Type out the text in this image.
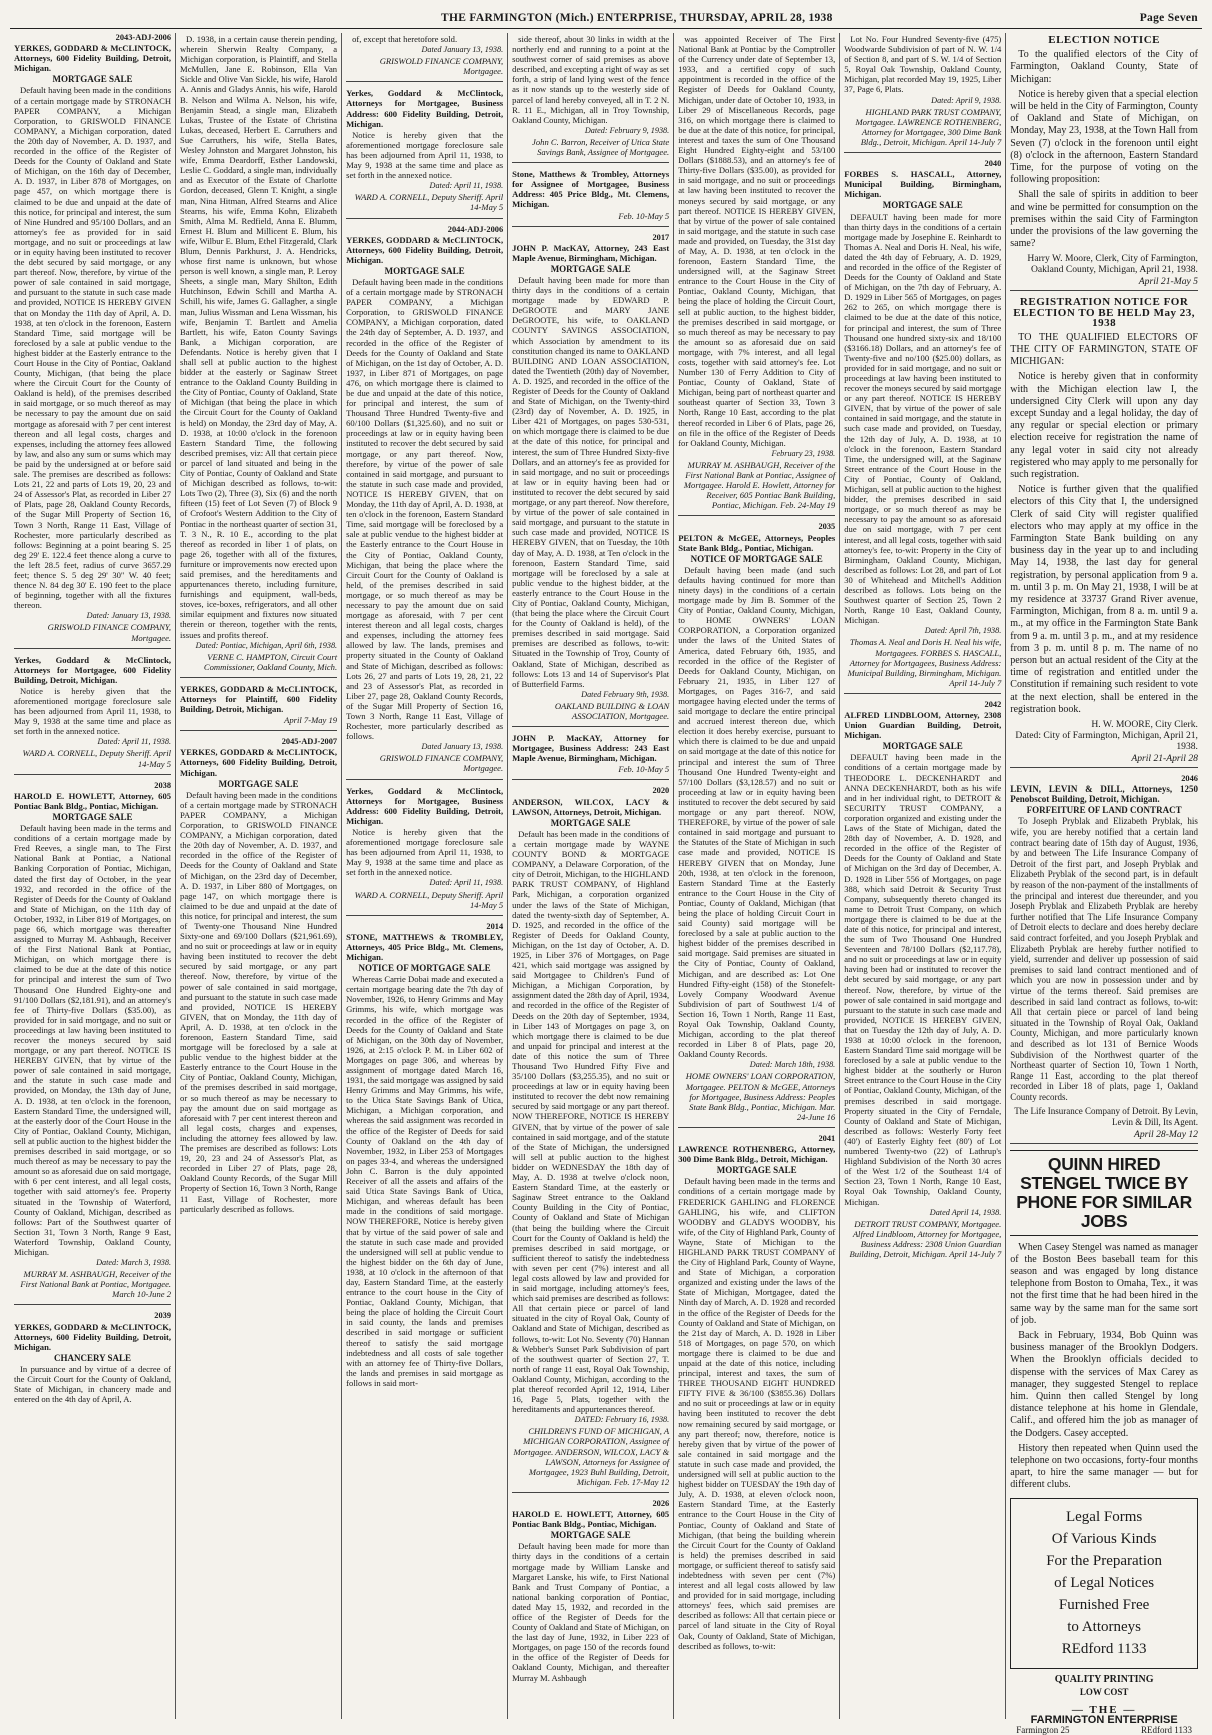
THE FARMINGTON (Mich.) ENTERPRISE, THURSDAY, APRIL 28, 1938	Page Seven
2043-ADJ-2006
YERKES, GODDARD & McCLINTOCK, Attorneys, 600 Fidelity Building, Detroit, Michigan.
MORTGAGE SALE

Default having been made in the conditions of a certain mortgage made by STRONACH PAPER COMPANY, a Michigan Corporation, to GRISWOLD FINANCE COMPANY, a Michigan corporation, dated the 20th day of November, A. D. 1937, and recorded in the office of the Register of Deeds for the County of Oakland and State of Michigan, on the 16th day of December, A. D. 1937, in Liber 878 of Mortgages, on page 457, on which mortgage there is claimed to be due and unpaid at the date of this notice, for principal and interest, the sum of Nine Hundred and 95/100 Dollars, and an attorney's fee as provided for in said mortgage, and no suit or proceedings at law or in equity having been instituted to recover the debt secured by said mortgage, or any part thereof. Now, therefore, by virtue of the power of sale contained in said mortgage, and pursuant to the statute in such case made and provided, NOTICE IS HEREBY GIVEN that on Monday the 11th day of April, A. D. 1938, at ten o'clock in the forenoon, Eastern Standard Time, said mortgage will be foreclosed by a sale at public vendue to the highest bidder at the Easterly entrance to the Court House in the City of Pontiac, Oakland County, Michigan, (that being the place where the Circuit Court for the County of Oakland is held), of the premises described in said mortgage, or so much thereof as may be necessary to pay the amount due on said mortgage as aforesaid with 7 per cent interest thereon and all legal costs, charges and expenses, including the attorney fees allowed by law, and also any sum or sums which may be paid by the undersigned at or before said sale. The premises are described as follows: Lots 21, 22 and parts of Lots 19, 20, 23 and 24 of Assessor's Plat, as recorded in Liber 27 of Plats, page 28, Oakland County Records, of the Sugar Mill Property of Section 16, Town 3 North, Range 11 East, Village of Rochester, more particularly described as follows: Beginning at a point bearing S. 25 deg 29' E. 122.4 feet thence along a curve to the left 28.5 feet, radius of curve 3657.29 feet; thence S. 5 deg 29' 30" W. 40 feet; thence N. 84 deg 30' E. 190 feet to the place of beginning, together with all the fixtures thereon.

Dated: January 13, 1938.
GRISWOLD FINANCE COMPANY, Mortgagee.
Yerkes, Goddard & McClintock, Attorneys for Mortgagee, 600 Fidelity Building, Detroit, Michigan.

Notice is hereby given that the aforementioned mortgage foreclosure sale has been adjourned from April 11, 1938, to May 9, 1938 at the same time and place as set forth in the annexed notice.

Dated: April 11, 1938.
WARD A. CORNELL, Deputy Sheriff. April 14-May 5
2038
HAROLD E. HOWLETT, Attorney, 605 Pontiac Bank Bldg., Pontiac, Michigan.
MORTGAGE SALE

Default having been made in the terms and conditions of a certain mortgage made by Fred Reeves, a single man, to The First National Bank at Pontiac, a National Banking Corporation of Pontiac, Michigan, dated the first day of October, in the year 1932, and recorded in the office of the Register of Deeds for the County of Oakland and State of Michigan, on the 11th day of October, 1932, in Liber 819 of Mortgages, on page 66, which mortgage was thereafter assigned to Murray M. Ashbaugh, Receiver of the First National Bank at Pontiac, Michigan, on which mortgage there is claimed to be due at the date of this notice for principal and interest the sum of Two Thousand One Hundred Eighty-one and 91/100 Dollars ($2,181.91), and an attorney's fee of Thirty-five Dollars ($35.00), as provided for in said mortgage, and no suit or proceedings at law having been instituted to recover the moneys secured by said mortgage, or any part thereof. NOTICE IS HEREBY GIVEN, that by virtue of the power of sale contained in said mortgage, and the statute in such case made and provided, on Monday, the 13th day of June, A. D. 1938, at ten o'clock in the forenoon, Eastern Standard Time, the undersigned will, at the easterly door of the Court House in the City of Pontiac, Oakland County, Michigan, sell at public auction to the highest bidder the premises described in said mortgage, or so much thereof as may be necessary to pay the amount so as aforesaid due on said mortgage, with 6 per cent interest, and all legal costs, together with said attorney's fee. Property situated in the Township of Waterford, County of Oakland, Michigan, described as follows: Part of the Southwest quarter of Section 31, Town 3 North, Range 9 East, Waterford Township, Oakland County, Michigan.

Dated: March 3, 1938.
MURRAY M. ASHBAUGH, Receiver of the First National Bank at Pontiac, Mortgagee. March 10-June 2
2039
YERKES, GODDARD & McCLINTOCK, Attorneys, 600 Fidelity Building, Detroit, Michigan.
CHANCERY SALE

In pursuance and by virtue of a decree of the Circuit Court for the County of Oakland, State of Michigan, in chancery made and entered on the 4th day of April, A.

D. 1938, in a certain cause therein pending, wherein Sherwin Realty Company, a Michigan corporation, is Plaintiff, and Stella McMullen, Jane E. Robinson, Ella Van Sickle and Olive Van Sickle, his wife, Harold A. Annis and Gladys Annis, his wife, Harold B. Nelson and Wilma A. Nelson, his wife, Benjamin Stead, a single man, Elizabeth Lukas, Trustee of the Estate of Christina Lukas, deceased, Herbert E. Carruthers and Sue Carruthers, his wife, Stella Bates, Wesley Johnston and Margaret Johnston, his wife, Emma Deardorff, Esther Landowski, Leslie C. Goddard, a single man, individually and as Executor of the Estate of Charlotte Gordon, deceased, Glenn T. Knight, a single man, Nina Hitman, Alfred Stearns and Alice Stearns, his wife, Emma Kohn, Elizabeth Smith, Alma M. Redfield, Anna E. Blumm, Ernest H. Blum and Millicent E. Blum, his wife, Wilbur E. Blum, Ethel Fitzgerald, Clark Blum, Dennis Parkhurst, J. A. Hendricks, whose first name is unknown, but whose person is well known, a single man, P. Leroy Sheets, a single man, Mary Shilton, Edith Hutchinson, Edwin Schill and Martha A. Schill, his wife, James G. Gallagher, a single man, Julius Wissman and Lena Wissman, his wife, Benjamin T. Bartlett and Amelia Bartlett, his wife, Eaton County Savings Bank, a Michigan corporation, are Defendants. Notice is hereby given that I shall sell at public auction to the highest bidder at the easterly or Saginaw Street entrance to the Oakland County Building in the City of Pontiac, County of Oakland, State of Michigan (that being the place in which the Circuit Court for the County of Oakland is held) on Monday, the 23rd day of May, A. D. 1938, at 10:00 o'clock in the forenoon Eastern Standard Time, the following described premises, viz: All that certain piece or parcel of land situated and being in the City of Pontiac, County of Oakland and State of Michigan described as follows, to-wit: Lots Two (2), Three (3), Six (6) and the north fifteen (15) feet of Lot Seven (7) of Block 9 of Crofoot's Western Addition to the City of Pontiac in the northeast quarter of section 31, T. 3 N., R. 10 E., according to the plat thereof as recorded in liber 1 of plats, on page 26, together with all of the fixtures, furniture or improvements now erected upon said premises, and the hereditaments and appurtenances thereto, including furniture, furnishings and equipment, wall-beds, stoves, ice-boxes, refrigerators, and all other similar equipment and fixtures now situated therein or thereon, together with the rents, issues and profits thereof.

Dated: Pontiac, Michigan, April 6th, 1938.
VERNE C. HAMPTON, Circuit Court Commissioner, Oakland County, Mich.
YERKES, GODDARD & McCLINTOCK, Attorneys for Plaintiff, 600 Fidelity Building, Detroit, Michigan.
April 7-May 19
2045-ADJ-2007
YERKES, GODDARD & McCLINTOCK, Attorneys, 600 Fidelity Building, Detroit, Michigan.
MORTGAGE SALE

Default having been made in the conditions of a certain mortgage made by STRONACH PAPER COMPANY, a Michigan Corporation, to GRISWOLD FINANCE COMPANY, a Michigan corporation, dated the 20th day of November, A. D. 1937, and recorded in the office of the Register of Deeds for the County of Oakland and State of Michigan, on the 23rd day of December, A. D. 1937, in Liber 880 of Mortgages, on page 147, on which mortgage there is claimed to be due and unpaid at the date of this notice, for principal and interest, the sum of Twenty-one Thousand Nine Hundred Sixty-one and 69/100 Dollars ($21,961.69), and no suit or proceedings at law or in equity having been instituted to recover the debt secured by said mortgage, or any part thereof. Now, therefore, by virtue of the power of sale contained in said mortgage, and pursuant to the statute in such case made and provided, NOTICE IS HEREBY GIVEN, that on Monday, the 11th day of April, A. D. 1938, at ten o'clock in the forenoon, Eastern Standard Time, said mortgage will be foreclosed by a sale at public vendue to the highest bidder at the Easterly entrance to the Court House in the City of Pontiac, Oakland County, Michigan, of the premises described in said mortgage, or so much thereof as may be necessary to pay the amount due on said mortgage as aforesaid with 7 per cent interest thereon and all legal costs, charges and expenses, including the attorney fees allowed by law. The premises are described as follows: Lots 19, 20, 23 and 24 of Assessor's Plat, as recorded in Liber 27 of Plats, page 28, Oakland County Records, of the Sugar Mill Property of Section 16, Town 3 North, Range 11 East, Village of Rochester, more particularly described as follows.

of, except that heretofore sold.

Dated January 13, 1938.
GRISWOLD FINANCE COMPANY, Mortgagee.
Yerkes, Goddard & McClintock, Attorneys for Mortgagee, Business Address: 600 Fidelity Building, Detroit, Michigan.

Notice is hereby given that the aforementioned mortgage foreclosure sale has been adjourned from April 11, 1938, to May 9, 1938 at the same time and place as set forth in the annexed notice.

Dated: April 11, 1938.
WARD A. CORNELL, Deputy Sheriff. April 14-May 5
2044-ADJ-2006
YERKES, GODDARD & McCLINTOCK, Attorneys, 600 Fidelity Building, Detroit, Michigan.
MORTGAGE SALE

Default having been made in the conditions of a certain mortgage made by STRONACH PAPER COMPANY, a Michigan Corporation, to GRISWOLD FINANCE COMPANY, a Michigan corporation, dated the 24th day of September, A. D. 1937, and recorded in the office of the Register of Deeds for the County of Oakland and State of Michigan, on the 1st day of October, A. D. 1937, in Liber 871 of Mortgages, on page 476, on which mortgage there is claimed to be due and unpaid at the date of this notice, for principal and interest, the sum of Thousand Three Hundred Twenty-five and 60/100 Dollars ($1,325.60), and no suit or proceedings at law or in equity having been instituted to recover the debt secured by said mortgage, or any part thereof. Now, therefore, by virtue of the power of sale contained in said mortgage, and pursuant to the statute in such case made and provided, NOTICE IS HEREBY GIVEN, that on Monday, the 11th day of April, A. D. 1938, at ten o'clock in the forenoon, Eastern Standard Time, said mortgage will be foreclosed by a sale at public vendue to the highest bidder at the Easterly entrance to the Court House in the City of Pontiac, Oakland County, Michigan, that being the place where the Circuit Court for the County of Oakland is held, of the premises described in said mortgage, or so much thereof as may be necessary to pay the amount due on said mortgage as aforesaid, with 7 per cent interest thereon and all legal costs, charges and expenses, including the attorney fees allowed by law. The lands, premises and property situated in the County of Oakland and State of Michigan, described as follows: Lots 26, 27 and parts of Lots 19, 28, 21, 22 and 23 of Assessor's Plat, as recorded in Liber 27, page 28, Oakland County Records, of the Sugar Mill Property of Section 16, Town 3 North, Range 11 East, Village of Rochester, more particularly described as follows.

Dated January 13, 1938.
GRISWOLD FINANCE COMPANY, Mortgagee.
Yerkes, Goddard & McClintock, Attorneys for Mortgagee, Business Address: 600 Fidelity Building, Detroit, Michigan.

Notice is hereby given that the aforementioned mortgage foreclosure sale has been adjourned from April 11, 1938, to May 9, 1938 at the same time and place as set forth in the annexed notice.

Dated: April 11, 1938.
WARD A. CORNELL, Deputy Sheriff. April 14-May 5
2014
STONE, MATTHEWS & TROMBLEY, Attorneys, 405 Price Bldg., Mt. Clemens, Michigan.
NOTICE OF MORTGAGE SALE

Whereas Carrie Dobai made and executed a certain mortgage bearing date the 7th day of November, 1926, to Henry Grimms and May Grimms, his wife, which mortgage was recorded in the office of the Register of Deeds for the County of Oakland and State of Michigan, on the 30th day of November, 1926, at 2:15 o'clock P. M. in Liber 602 of Mortgages on page 306, and whereas by assignment of mortgage dated March 16, 1931, the said mortgage was assigned by said Henry Grimms and May Grimms, his wife, to the Utica State Savings Bank of Utica, Michigan, a Michigan corporation, and whereas the said assignment was recorded in the office of the Register of Deeds for said County of Oakland on the 4th day of November, 1932, in Liber 253 of Mortgages on pages 33-4, and whereas the undersigned John C. Barron is the duly appointed Receiver of all the assets and affairs of the said Utica State Savings Bank of Utica, Michigan, and whereas default has been made in the conditions of said mortgage. NOW THEREFORE, Notice is hereby given that by virtue of the said power of sale and the statute in such case made and provided the undersigned will sell at public vendue to the highest bidder on the 6th day of June, 1938, at 10 o'clock in the afternoon of that day, Eastern Standard Time, at the easterly entrance to the court house in the City of Pontiac, Oakland County, Michigan, that being the place of holding the Circuit Court in said county, the lands and premises described in said mortgage or sufficient thereof to satisfy the said mortgage indebtedness and all costs of sale together with an attorney fee of Thirty-five Dollars, the lands and premises in said mortgage as follows in said mort-

side thereof, about 30 links in width at the northerly end and running to a point at the southwest corner of said premises as above described, and excepting a right of way as set forth, a strip of land lying west of the fence as it now stands up to the westerly side of parcel of land hereby conveyed, all in T. 2 N. R. 11 E., Michigan, all in Troy Township, Oakland County, Michigan.

Dated: February 9, 1938.
John C. Barron, Receiver of Utica State Savings Bank, Assignee of Mortgagee.
Stone, Matthews & Trombley, Attorneys for Assignee of Mortgagee, Business Address: 405 Price Bldg., Mt. Clemens, Michigan.
Feb. 10-May 5
2017
JOHN P. MacKAY, Attorney, 243 East Maple Avenue, Birmingham, Michigan.
MORTGAGE SALE

Default having been made for more than thirty days in the conditions of a certain mortgage made by EDWARD P. DeGROOTE and MARY JANE DeGROOTE, his wife, to OAKLAND COUNTY SAVINGS ASSOCIATION, which Association by amendment to its constitution changed its name to OAKLAND BUILDING AND LOAN ASSOCIATION, dated the Twentieth (20th) day of November, A. D. 1925, and recorded in the office of the Register of Deeds for the County of Oakland and State of Michigan, on the Twenty-third (23rd) day of November, A. D. 1925, in Liber 421 of Mortgages, on pages 530-531, on which mortgage there is claimed to be due at the date of this notice, for principal and interest, the sum of Three Hundred Sixty-five Dollars, and an attorney's fee as provided for in said mortgage, and no suit or proceedings at law or in equity having been had or instituted to recover the debt secured by said mortgage, or any part thereof. Now therefore, by virtue of the power of sale contained in said mortgage, and pursuant to the statute in such case made and provided, NOTICE IS HEREBY GIVEN, that on Tuesday, the 10th day of May, A. D. 1938, at Ten o'clock in the forenoon, Eastern Standard Time, said mortgage will be foreclosed by a sale at public vendue to the highest bidder, at the easterly entrance to the Court House in the City of Pontiac, Oakland County, Michigan, (that being the place where the Circuit Court for the County of Oakland is held), of the premises described in said mortgage. Said premises are described as follows, to-wit: Situated in the Township of Troy, County of Oakland, State of Michigan, described as follows: Lots 13 and 14 of Supervisor's Plat of Butterfield Farms.

Dated February 9th, 1938.
OAKLAND BUILDING & LOAN ASSOCIATION, Mortgagee.
JOHN P. MacKAY, Attorney for Mortgagee, Business Address: 243 East Maple Avenue, Birmingham, Michigan.
Feb. 10-May 5
2020
ANDERSON, WILCOX, LACY & LAWSON, Attorneys, Detroit, Michigan.
MORTGAGE SALE

Default has been made in the conditions of a certain mortgage made by WAYNE COUNTY BOND & MORTGAGE COMPANY, a Delaware Corporation, of the city of Detroit, Michigan, to the HIGHLAND PARK TRUST COMPANY, of Highland Park, Michigan, a corporation organized under the laws of the State of Michigan, dated the twenty-sixth day of September, A. D. 1925, and recorded in the office of the Register of Deeds for Oakland County, Michigan, on the 1st day of October, A. D. 1925, in Liber 376 of Mortgages, on Page 421, which said mortgage was assigned by said Mortgagee to Children's Fund of Michigan, a Michigan Corporation, by assignment dated the 28th day of April, 1934, and recorded in the office of the Register of Deeds on the 20th day of September, 1934, in Liber 143 of Mortgages on page 3, on which mortgage there is claimed to be due and unpaid for principal and interest at the date of this notice the sum of Three Thousand Two Hundred Fifty Five and 35/100 Dollars ($3,255.35), and no suit or proceedings at law or in equity having been instituted to recover the debt now remaining secured by said mortgage or any part thereof. NOW THEREFORE, NOTICE IS HEREBY GIVEN, that by virtue of the power of sale contained in said mortgage, and of the statute of the State of Michigan, the undersigned will sell at public auction to the highest bidder on WEDNESDAY the 18th day of May, A. D. 1938 at twelve o'clock noon, Eastern Standard Time, at the easterly or Saginaw Street entrance to the Oakland County Building in the City of Pontiac, County of Oakland and State of Michigan (that being the building where the Circuit Court for the County of Oakland is held) the premises described in said mortgage, or sufficient thereof to satisfy the indebtedness with seven per cent (7%) interest and all legal costs allowed by law and provided for in said mortgage, including attorney's fees, which said premises are described as follows: All that certain piece or parcel of land situated in the city of Royal Oak, County of Oakland and State of Michigan, described as follows, to-wit: Lot No. Seventy (70) Hannan & Webber's Sunset Park Subdivision of part of the southwest quarter of Section 27, T. north of range 11 east, Royal Oak Township, Oakland County, Michigan, according to the plat thereof recorded April 12, 1914, Liber 16, Page 5, Plats, together with the hereditaments and appurtenances thereof.

DATED: February 16, 1938.
CHILDREN'S FUND OF MICHIGAN, A MICHIGAN CORPORATION, Assignee of Mortgagee. ANDERSON, WILCOX, LACY & LAWSON, Attorneys for Assignee of Mortgagee, 1923 Buhl Building, Detroit, Michigan. Feb. 17-May 12
2026
HAROLD E. HOWLETT, Attorney, 605 Pontiac Bank Bldg., Pontiac, Michigan.
MORTGAGE SALE

Default having been made for more than thirty days in the conditions of a certain mortgage made by William Lanske and Margaret Lanske, his wife, to First National Bank and Trust Company of Pontiac, a national banking corporation of Pontiac, dated May 15, 1932, and recorded in the office of the Register of Deeds for the County of Oakland and State of Michigan, on the last day of June, 1932, in Liber 223 of Mortgages, on page 150 of the records found in the office of the Register of Deeds for Oakland County, Michigan, and thereafter Murray M. Ashbaugh

was appointed Receiver of The First National Bank at Pontiac by the Comptroller of the Currency under date of September 13, 1933, and a certified copy of such appointment is recorded in the office of the Register of Deeds for Oakland County, Michigan, under date of October 10, 1933, in Liber 29 of Miscellaneous Records, page 316, on which mortgage there is claimed to be due at the date of this notice, for principal, interest and taxes the sum of One Thousand Eight Hundred Eighty-eight and 53/100 Dollars ($1888.53), and an attorney's fee of Thirty-five Dollars ($35.00), as provided for in said mortgage, and no suit or proceedings at law having been instituted to recover the moneys secured by said mortgage, or any part thereof. NOTICE IS HEREBY GIVEN, that by virtue of the power of sale contained in said mortgage, and the statute in such case made and provided, on Tuesday, the 31st day of May, A. D. 1938, at ten o'clock in the forenoon, Eastern Standard Time, the undersigned will, at the Saginaw Street entrance to the Court House in the City of Pontiac, Oakland County, Michigan, that being the place of holding the Circuit Court, sell at public auction, to the highest bidder, the premises described in said mortgage, or so much thereof as may be necessary to pay the amount so as aforesaid due on said mortgage, with 7% interest, and all legal costs, together with said attorney's fee. Lot Number 130 of Ferry Addition to City of Pontiac, County of Oakland, State of Michigan, being part of northeast quarter and southeast quarter of Section 33, Town 3 North, Range 10 East, according to the plat thereof recorded in Liber 6 of Plats, page 26, on file in the office of the Register of Deeds for Oakland County, Michigan.

February 23, 1938.
MURRAY M. ASHBAUGH, Receiver of the First National Bank at Pontiac, Assignee of Mortgagee. Harold E. Howlett, Attorney for Receiver, 605 Pontiac Bank Building, Pontiac, Michigan. Feb. 24-May 19
2035
PELTON & McGEE, Attorneys, Peoples State Bank Bldg., Pontiac, Michigan.
NOTICE OF MORTGAGE SALE

Default having been made (and such defaults having continued for more than ninety days) in the conditions of a certain mortgage made by Jim B. Sommer of the City of Pontiac, Oakland County, Michigan, to HOME OWNERS' LOAN CORPORATION, a Corporation organized under the laws of the United States of America, dated February 6th, 1935, and recorded in the office of the Register of Deeds for Oakland County, Michigan, on February 21, 1935, in Liber 127 of Mortgages, on Pages 316-7, and said mortgagee having elected under the terms of said mortgage to declare the entire principal and accrued interest thereon due, which election it does hereby exercise, pursuant to which there is claimed to be due and unpaid on said mortgage at the date of this notice for principal and interest the sum of Three Thousand One Hundred Twenty-eight and 57/100 Dollars ($3,128.57) and no suit or proceeding at law or in equity having been instituted to recover the debt secured by said mortgage or any part thereof. NOW, THEREFORE, by virtue of the power of sale contained in said mortgage and pursuant to the Statutes of the State of Michigan in such case made and provided, NOTICE IS HEREBY GIVEN that on Monday, June 20th, 1938, at ten o'clock in the forenoon, Eastern Standard Time at the Easterly entrance to the Court House in the City of Pontiac, County of Oakland, Michigan (that being the place of holding Circuit Court in said County) said mortgage will be foreclosed by a sale at public auction to the highest bidder of the premises described in said mortgage. Said premises are situated in the City of Pontiac, County of Oakland, Michigan, and are described as: Lot One Hundred Fifty-eight (158) of the Stonefelt-Lovely Company Woodward Avenue Subdivision of part of Southwest 1/4 of Section 16, Town 1 North, Range 11 East, Royal Oak Township, Oakland County, Michigan, according to the plat thereof recorded in Liber 8 of Plats, page 20, Oakland County Records.

Dated: March 18th, 1938.
HOME OWNERS' LOAN CORPORATION, Mortgagee. PELTON & McGEE, Attorneys for Mortgagee, Business Address: Peoples State Bank Bldg., Pontiac, Michigan. Mar. 24-June 16
2041
LAWRENCE ROTHENBERG, Attorney, 300 Dime Bank Bldg., Detroit, Michigan.
MORTGAGE SALE

Default having been made in the terms and conditions of a certain mortgage made by FREDERICK GAHLING and FLORENCE GAHLING, his wife, and CLIFTON WOODBY and GLADYS WOODBY, his wife, of the City of Highland Park, County of Wayne, State of Michigan to the HIGHLAND PARK TRUST COMPANY of the City of Highland Park, County of Wayne, and State of Michigan, a corporation organized and existing under the laws of the State of Michigan, Mortgagee, dated the Ninth day of March, A. D. 1928 and recorded in the office of the Register of Deeds for the County of Oakland and State of Michigan, on the 21st day of March, A. D. 1928 in Liber 518 of Mortgages, on page 570, on which mortgage there is claimed to be due and unpaid at the date of this notice, including principal, interest and taxes, the sum of THREE THOUSAND EIGHT HUNDRED FIFTY FIVE & 36/100 ($3855.36) Dollars and no suit or proceedings at law or in equity having been instituted to recover the debt now remaining secured by said mortgage, or any part thereof; now, therefore, notice is hereby given that by virtue of the power of sale contained in said mortgage and the statute in such case made and provided, the undersigned will sell at public auction to the highest bidder on TUESDAY the 19th day of July, A. D. 1938, at eleven o'clock noon, Eastern Standard Time, at the Easterly entrance to the Court House in the City of Pontiac, County of Oakland and State of Michigan, (that being the building wherein the Circuit Court for the County of Oakland is held) the premises described in said mortgage, or sufficient thereof to satisfy said indebtedness with seven per cent (7%) interest and all legal costs allowed by law and provided for in said mortgage, including attorneys' fees, which said premises are described as follows: All that certain piece or parcel of land situate in the City of Royal Oak, County of Oakland, State of Michigan, described as follows, to-wit:

Lot No. Four Hundred Seventy-five (475) Woodwarde Subdivision of part of N. W. 1/4 of Section 8, and part of S. W. 1/4 of Section 5, Royal Oak Township, Oakland County, Michigan, plat recorded May 19, 1925, Liber 37, Page 6, Plats.

Dated: April 9, 1938.
HIGHLAND PARK TRUST COMPANY, Mortgagee. LAWRENCE ROTHENBERG, Attorney for Mortgagee, 300 Dime Bank Bldg., Detroit, Michigan. April 14-July 7
2040
FORBES S. HASCALL, Attorney, Municipal Building, Birmingham, Michigan.
MORTGAGE SALE

DEFAULT having been made for more than thirty days in the conditions of a certain mortgage made by Josephine E. Reinhardt to Thomas A. Neal and Doris H. Neal, his wife, dated the 4th day of February, A. D. 1929, and recorded in the office of the Register of Deeds for the County of Oakland and State of Michigan, on the 7th day of February, A. D. 1929 in Liber 565 of Mortgages, on pages 262 to 265, on which mortgage there is claimed to be due at the date of this notice, for principal and interest, the sum of Three Thousand one hundred sixty-six and 18/100 ($3166.18) Dollars, and an attorney's fee of Twenty-five and no/100 ($25.00) dollars, as provided for in said mortgage, and no suit or proceedings at law having been instituted to recover the moneys secured by said mortgage or any part thereof. NOTICE IS HEREBY GIVEN, that by virtue of the power of sale contained in said mortgage, and the statute in such case made and provided, on Tuesday, the 12th day of July, A. D. 1938, at 10 o'clock in the forenoon, Eastern Standard Time, the undersigned will, at the Saginaw Street entrance of the Court House in the City of Pontiac, County of Oakland, Michigan, sell at public auction to the highest bidder, the premises described in said mortgage, or so much thereof as may be necessary to pay the amount so as aforesaid due on said mortgage, with 7 per cent interest, and all legal costs, together with said attorney's fee, to-wit: Property in the City of Birmingham, Oakland County, Michigan, described as follows: Lot 28, and part of Lot 30 of Whitehead and Mitchell's Addition described as follows. Lots being on the Southwest quarter of Section 25, Town 2 North, Range 10 East, Oakland County, Michigan.

Dated: April 7th, 1938.
Thomas A. Neal and Doris H. Neal his wife, Mortgagees. FORBES S. HASCALL, Attorney for Mortgagees, Business Address: Municipal Building, Birmingham, Michigan. April 14-July 7
2042
ALFRED LINDBLOOM, Attorney, 2308 Union Guardian Building, Detroit, Michigan.
MORTGAGE SALE

DEFAULT having been made in the conditions of a certain mortgage made by THEODORE L. DECKENHARDT and ANNA DECKENHARDT, both as his wife and in her individual right, to DETROIT & SECURITY TRUST COMPANY, a corporation organized and existing under the Laws of the State of Michigan, dated the 28th day of November, A. D. 1928, and recorded in the office of the Register of Deeds for the County of Oakland and State of Michigan on the 3rd day of December, A. D. 1928 in Liber 556 of Mortgages, on page 388, which said Detroit & Security Trust Company, subsequently thereto changed its name to Detroit Trust Company, on which mortgage there is claimed to be due at the date of this notice, for principal and interest, the sum of Two Thousand One Hundred Seventeen and 78/100 Dollars ($2,117.78), and no suit or proceedings at law or in equity having been had or instituted to recover the debt secured by said mortgage, or any part thereof. Now, therefore, by virtue of the power of sale contained in said mortgage and pursuant to the statute in such case made and provided, NOTICE IS HEREBY GIVEN, that on Tuesday the 12th day of July, A. D. 1938 at 10:00 o'clock in the forenoon, Eastern Standard Time said mortgage will be foreclosed by a sale at public vendue to the highest bidder at the southerly or Huron Street entrance to the Court House in the City of Pontiac, Oakland County, Michigan, of the premises described in said mortgage. Property situated in the City of Ferndale, County of Oakland and State of Michigan, described as follows: Westerly Forty feet (40') of Easterly Eighty feet (80') of Lot numbered Twenty-two (22) of Lathrup's Highland Subdivision of the North 30 acres of the West 1/2 of the Southeast 1/4 of Section 23, Town 1 North, Range 10 East, Royal Oak Township, Oakland County, Michigan.

Dated April 14, 1938.
DETROIT TRUST COMPANY, Mortgagee. Alfred Lindbloom, Attorney for Mortgagee, Business Address: 2308 Union Guardian Building, Detroit, Michigan. April 14-July 7
ELECTION NOTICE

To the qualified electors of the City of Farmington, Oakland County, State of Michigan:

Notice is hereby given that a special election will be held in the City of Farmington, County of Oakland and State of Michigan, on Monday, May 23, 1938, at the Town Hall from Seven (7) o'clock in the forenoon until eight (8) o'clock in the afternoon, Eastern Standard Time, for the purpose of voting on the following proposition:

Shall the sale of spirits in addition to beer and wine be permitted for consumption on the premises within the said City of Farmington under the provisions of the law governing the same?

Harry W. Moore, Clerk, City of Farmington, Oakland County, Michigan, April 21, 1938.

April 21-May 5

REGISTRATION NOTICE FOR ELECTION TO BE HELD May 23, 1938

TO THE QUALIFIED ELECTORS OF THE CITY OF FARMINGTON, STATE OF MICHIGAN:

Notice is hereby given that in conformity with the Michigan election law I, the undersigned City Clerk will upon any day except Sunday and a legal holiday, the day of any regular or special election or primary election receive for registration the name of any legal voter in said city not already registered who may apply to me personally for such registration.

Notice is further given that the qualified electors of this City that I, the undersigned Clerk of said City will register qualified electors who may apply at my office in the Farmington State Bank building on any business day in the year up to and including May 14, 1938, the last day for general registration, by personal application from 9 a. m. until 3 p. m. On May 21, 1938, I will be at my residence at 33737 Grand River avenue, Farmington, Michigan, from 8 a. m. until 9 a. m., at my office in the Farmington State Bank from 9 a. m. until 3 p. m., and at my residence from 3 p. m. until 8 p. m. The name of no person but an actual resident of the City at the time of registration and entitled under the Constitution if remaining such resident to vote at the next election, shall be entered in the registration book.

H. W. MOORE, City Clerk.

Dated: City of Farmington, Michigan, April 21, 1938.

April 21-April 28

2046
LEVIN, LEVIN & DILL, Attorneys, 1250 Penobscot Building, Detroit, Michigan.
FORFEITURE OF LAND CONTRACT

To Joseph Pryblak and Elizabeth Pryblak, his wife, you are hereby notified that a certain land contract bearing date of 15th day of August, 1936, by and between The Life Insurance Company of Detroit of the first part, and Joseph Pryblak and Elizabeth Pryblak of the second part, is in default by reason of the non-payment of the installments of the principal and interest due thereunder, and you Joseph Pryblak and Elizabeth Pryblak are hereby further notified that The Life Insurance Company of Detroit elects to declare and does hereby declare said contract forfeited, and you Joseph Pryblak and Elizabeth Pryblak are hereby further notified to yield, surrender and deliver up possession of said premises to said land contract mentioned and of which you are now in possession under and by virtue of the terms thereof. Said premises are described in said land contract as follows, to-wit: All that certain piece or parcel of land being situated in the Township of Royal Oak, Oakland County, Michigan, and more particularly known and described as lot 131 of Bernice Woods Subdivision of the Northwest quarter of the Northeast quarter of Section 10, Town 1 North, Range 11 East, according to the plat thereof recorded in Liber 18 of plats, page 1, Oakland County records.

The Life Insurance Company of Detroit. By Levin, Levin & Dill, Its Agent.

April 28-May 12

QUINN HIRED STENGEL TWICE BY PHONE FOR SIMILAR JOBS

When Casey Stengel was named as manager of the Boston Bees baseball team for this season and was engaged by long distance telephone from Boston to Omaha, Tex., it was not the first time that he had been hired in the same way by the same man for the same sort of job.

Back in February, 1934, Bob Quinn was business manager of the Brooklyn Dodgers. When the Brooklyn officials decided to dispense with the services of Max Carey as manager, they suggested Stengel to replace him. Quinn then called Stengel by long distance telephone at his home in Glendale, Calif., and offered him the job as manager of the Dodgers. Casey accepted.

History then repeated when Quinn used the telephone on two occasions, forty-four months apart, to hire the same manager — but for different clubs.

Legal Forms
Of Various Kinds
For the Preparation
of Legal Notices
Furnished Free
to Attorneys
REdford 1133
QUALITY PRINTING
LOW COST
— THE —
FARMINGTON ENTERPRISE
Farmington 25	REdford 1133
